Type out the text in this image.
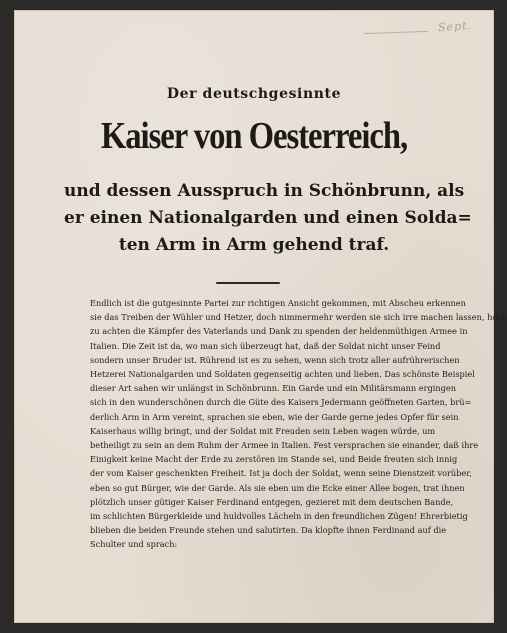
Sept.
Der deutschgesinnte
Kaiser von Oesterreich,
und dessen Ausspruch in Schönbrunn, als
er einen Nationalgarden und einen Solda=
ten Arm in Arm gehend traf.
Endlich ist die gutgesinnte Partei zur richtigen Ansicht gekommen, mit Abscheu erkennen
sie das Treiben der Wühler und Hetzer, doch nimmermehr werden sie sich irre machen lassen, hoch
zu achten die Kämpfer des Vaterlands und Dank zu spenden der heldenmüthigen Armee in
Italien. Die Zeit ist da, wo man sich überzeugt hat, daß der Soldat nicht unser Feind
sondern unser Bruder ist. Rührend ist es zu sehen, wenn sich trotz aller aufrührerischen
Hetzerei Nationalgarden und Soldaten gegenseitig achten und lieben. Das schönste Beispiel
dieser Art sahen wir unlängst in Schönbrunn. Ein Garde und ein Militärsmann ergingen
sich in den wunderschönen durch die Güte des Kaisers Jedermann geöffneten Garten, brü=
derlich Arm in Arm vereint, sprachen sie eben, wie der Garde gerne jedes Opfer für sein
Kaiserhaus willig bringt, und der Soldat mit Freuden sein Leben wagen würde, um
betheiligt zu sein an dem Ruhm der Armee in Italien. Fest versprachen sie einander, daß ihre
Einigkeit keine Macht der Erde zu zerstören im Stande sei, und Beide freuten sich innig
der vom Kaiser geschenkten Freiheit. Ist ja doch der Soldat, wenn seine Dienstzeit vorüber,
eben so gut Bürger, wie der Garde. Als sie eben um die Ecke einer Allee bogen, trat ihnen
plötzlich unser gütiger Kaiser Ferdinand entgegen, gezieret mit dem deutschen Bande,
im schlichten Bürgerkleide und huldvolles Lächeln in den freundlichen Zügen! Ehrerbietig
blieben die beiden Freunde stehen und salutirten. Da klopfte ihnen Ferdinand auf die
Schulter und sprach:
